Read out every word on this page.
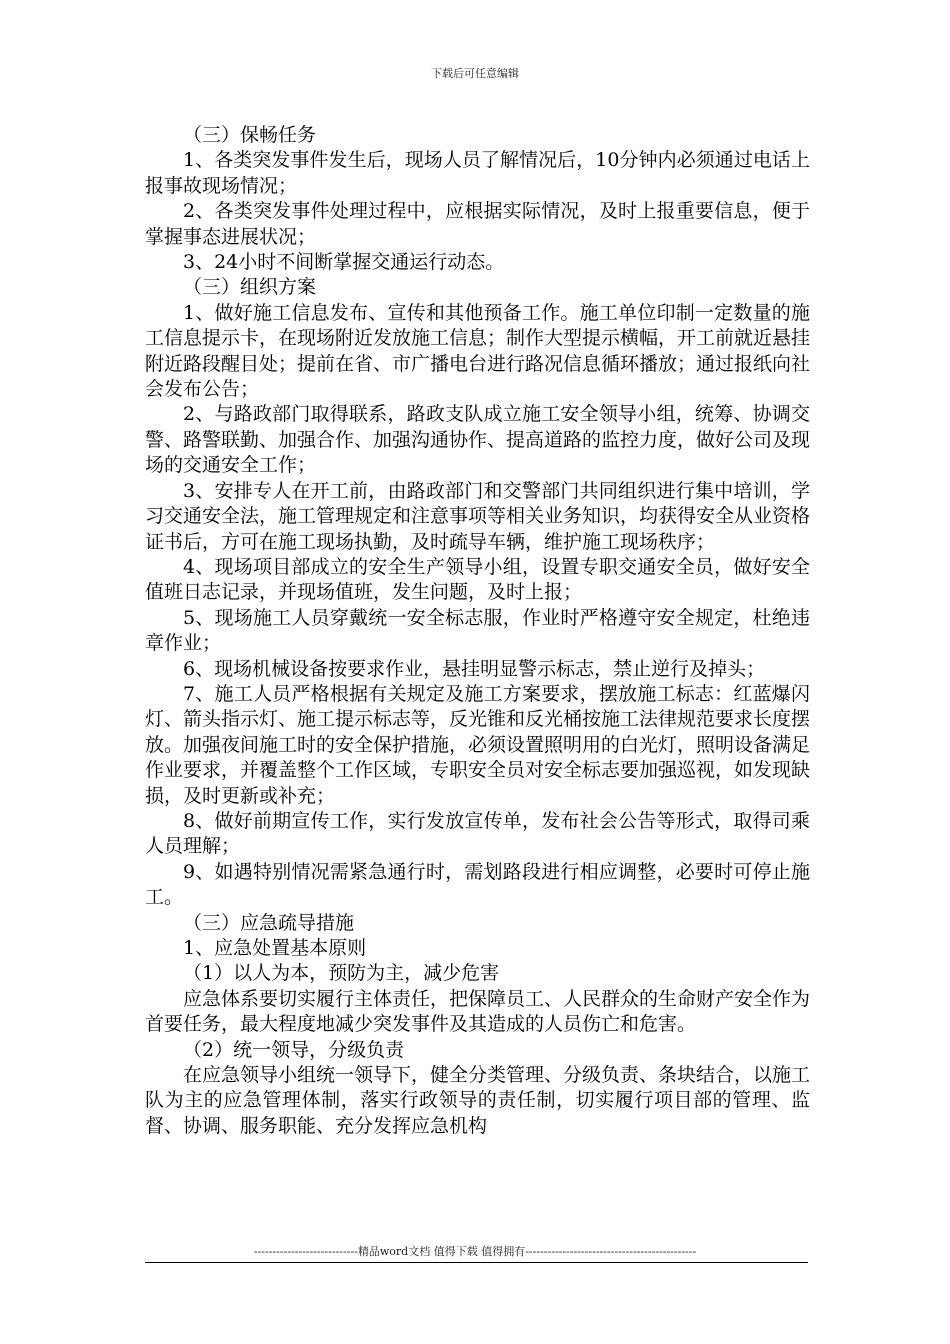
下载后可任意编辑

（三）保畅任务

1、各类突发事件发生后，现场人员了解情况后，10分钟内必须通过电话上报事故现场情况；

2、各类突发事件处理过程中，应根据实际情况，及时上报重要信息，便于掌握事态进展状况；

3、24小时不间断掌握交通运行动态。

（三）组织方案

1、做好施工信息发布、宣传和其他预备工作。施工单位印制一定数量的施工信息提示卡，在现场附近发放施工信息；制作大型提示横幅，开工前就近悬挂附近路段醒目处；提前在省、市广播电台进行路况信息循环播放；通过报纸向社会发布公告；

2、与路政部门取得联系，路政支队成立施工安全领导小组，统筹、协调交警、路警联勤、加强合作、加强沟通协作、提高道路的监控力度，做好公司及现场的交通安全工作；

3、安排专人在开工前，由路政部门和交警部门共同组织进行集中培训，学习交通安全法，施工管理规定和注意事项等相关业务知识，均获得安全从业资格证书后，方可在施工现场执勤，及时疏导车辆，维护施工现场秩序；

4、现场项目部成立的安全生产领导小组，设置专职交通安全员，做好安全值班日志记录，并现场值班，发生问题，及时上报；

5、现场施工人员穿戴统一安全标志服，作业时严格遵守安全规定，杜绝违章作业；

6、现场机械设备按要求作业，悬挂明显警示标志，禁止逆行及掉头；

7、施工人员严格根据有关规定及施工方案要求，摆放施工标志：红蓝爆闪灯、箭头指示灯、施工提示标志等，反光锥和反光桶按施工法律规范要求长度摆放。加强夜间施工时的安全保护措施，必须设置照明用的白光灯，照明设备满足作业要求，并覆盖整个工作区域，专职安全员对安全标志要加强巡视，如发现缺损，及时更新或补充；

8、做好前期宣传工作，实行发放宣传单，发布社会公告等形式，取得司乘人员理解；

9、如遇特别情况需紧急通行时，需划路段进行相应调整，必要时可停止施工。

（三）应急疏导措施

1、应急处置基本原则

（1）以人为本，预防为主，减少危害

应急体系要切实履行主体责任，把保障员工、人民群众的生命财产安全作为首要任务，最大程度地减少突发事件及其造成的人员伤亡和危害。

（2）统一领导，分级负责

在应急领导小组统一领导下，健全分类管理、分级负责、条块结合，以施工队为主的应急管理体制，落实行政领导的责任制，切实履行项目部的管理、监督、协调、服务职能、充分发挥应急机构

----------------------------精品word文档 值得下载 值得拥有----------------------------------------------
